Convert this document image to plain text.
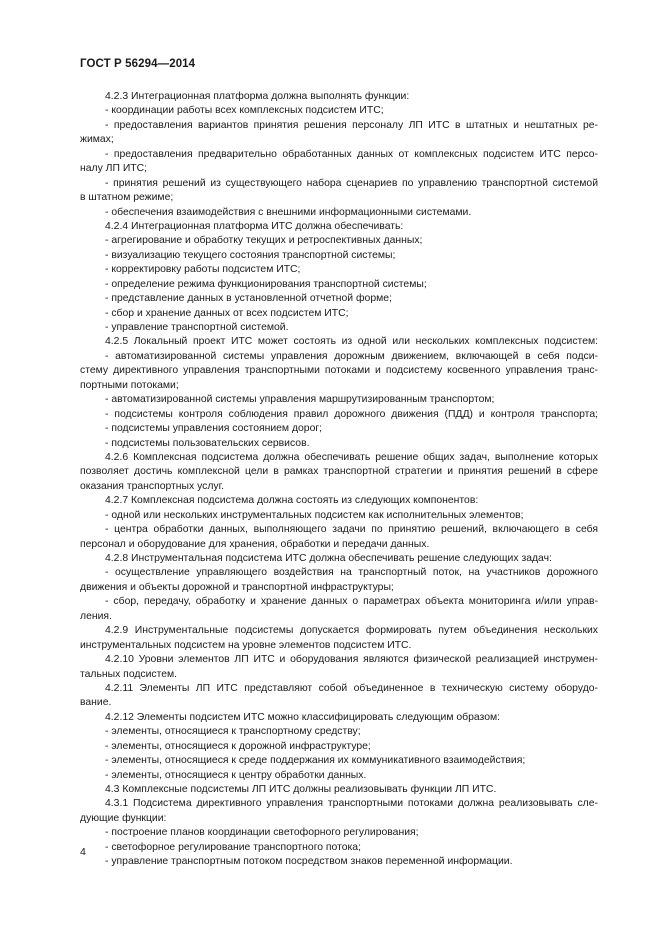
ГОСТ Р 56294—2014
4.2.3 Интеграционная платформа должна выполнять функции:
- координации работы всех комплексных подсистем ИТС;
- предоставления вариантов принятия решения персоналу ЛП ИТС в штатных и нештатных ре-
жимах;
- предоставления предварительно обработанных данных от комплексных подсистем ИТС персо-
налу ЛП ИТС;
- принятия решений из существующего набора сценариев по управлению транспортной системой
в штатном режиме;
- обеспечения взаимодействия с внешними информационными системами.
4.2.4 Интеграционная платформа ИТС должна обеспечивать:
- агрегирование и обработку текущих и ретроспективных данных;
- визуализацию текущего состояния транспортной системы;
- корректировку работы подсистем ИТС;
- определение режима функционирования транспортной системы;
- представление данных в установленной отчетной форме;
- сбор и хранение данных от всех подсистем ИТС;
- управление транспортной системой.
4.2.5 Локальный проект ИТС может состоять из одной или нескольких комплексных подсистем:
- автоматизированной системы управления дорожным движением, включающей в себя подси-
стему директивного управления транспортными потоками и подсистему косвенного управления транс-
портными потоками;
- автоматизированной системы управления маршрутизированным транспортом;
- подсистемы контроля соблюдения правил дорожного движения (ПДД) и контроля транспорта;
- подсистемы управления состоянием дорог;
- подсистемы пользовательских сервисов.
4.2.6 Комплексная подсистема должна обеспечивать решение общих задач, выполнение которых
позволяет достичь комплексной цели в рамках транспортной стратегии и принятия решений в сфере
оказания транспортных услуг.
4.2.7 Комплексная подсистема должна состоять из следующих компонентов:
- одной или нескольких инструментальных подсистем как исполнительных элементов;
- центра обработки данных, выполняющего задачи по принятию решений, включающего в себя
персонал и оборудование для хранения, обработки и передачи данных.
4.2.8 Инструментальная подсистема ИТС должна обеспечивать решение следующих задач:
- осуществление управляющего воздействия на транспортный поток, на участников дорожного
движения и объекты дорожной и транспортной инфраструктуры;
- сбор, передачу, обработку и хранение данных о параметрах объекта мониторинга и/или управ-
ления.
4.2.9 Инструментальные подсистемы допускается формировать путем объединения нескольких
инструментальных подсистем на уровне элементов подсистем ИТС.
4.2.10 Уровни элементов ЛП ИТС и оборудования являются физической реализацией инструмен-
тальных подсистем.
4.2.11 Элементы ЛП ИТС представляют собой объединенное в техническую систему оборудо-
вание.
4.2.12 Элементы подсистем ИТС можно классифицировать следующим образом:
- элементы, относящиеся к транспортному средству;
- элементы, относящиеся к дорожной инфраструктуре;
- элементы, относящиеся к среде поддержания их коммуникативного взаимодействия;
- элементы, относящиеся к центру обработки данных.
4.3 Комплексные подсистемы ЛП ИТС должны реализовывать функции ЛП ИТС.
4.3.1 Подсистема директивного управления транспортными потоками должна реализовывать сле-
дующие функции:
- построение планов координации светофорного регулирования;
- светофорное регулирование транспортного потока;
- управление транспортным потоком посредством знаков переменной информации.
4
